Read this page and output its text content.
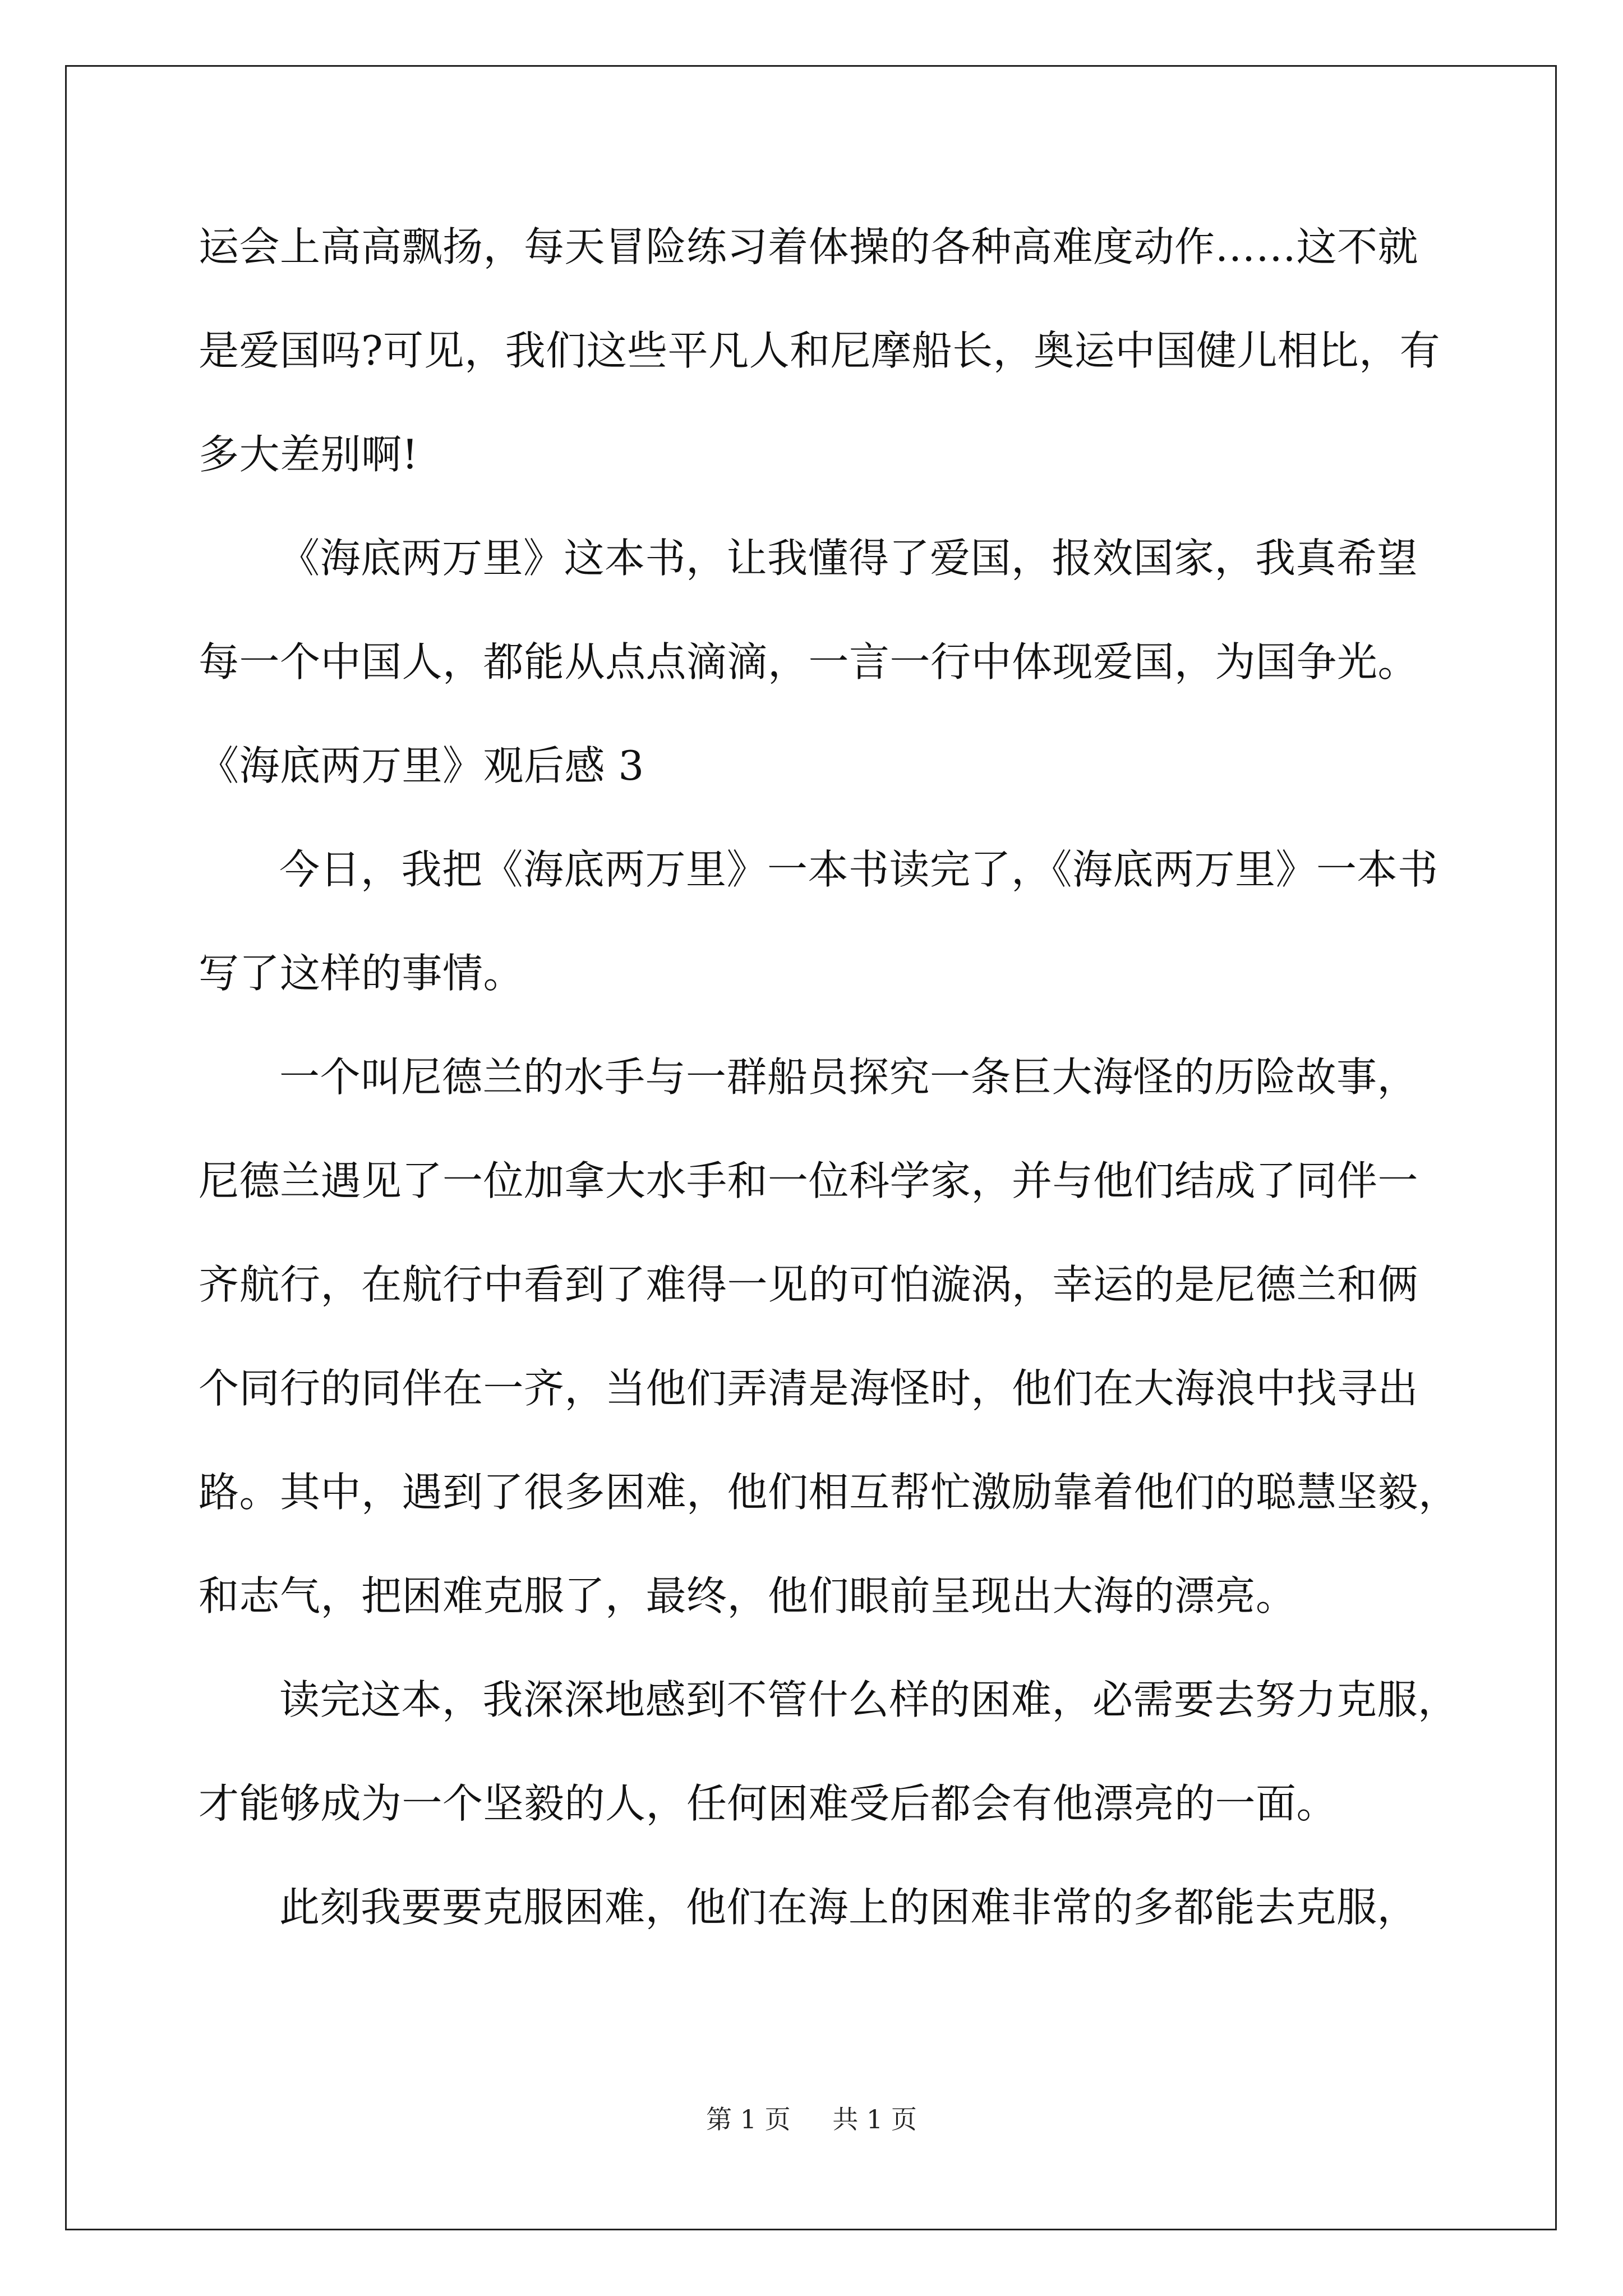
运会上高高飘扬，每天冒险练习着体操的各种高难度动作……这不就
是爱国吗?可见，我们这些平凡人和尼摩船长，奥运中国健儿相比，有
多大差别啊!
《海底两万里》这本书，让我懂得了爱国，报效国家，我真希望
每一个中国人，都能从点点滴滴，一言一行中体现爱国，为国争光。
《海底两万里》观后感 3
今日，我把《海底两万里》一本书读完了，《海底两万里》一本书
写了这样的事情。
一个叫尼德兰的水手与一群船员探究一条巨大海怪的历险故事，
尼德兰遇见了一位加拿大水手和一位科学家，并与他们结成了同伴一
齐航行，在航行中看到了难得一见的可怕漩涡，幸运的是尼德兰和俩
个同行的同伴在一齐，当他们弄清是海怪时，他们在大海浪中找寻出
路。其中，遇到了很多困难，他们相互帮忙激励靠着他们的聪慧坚毅，
和志气，把困难克服了，最终，他们眼前呈现出大海的漂亮。
读完这本，我深深地感到不管什么样的困难，必需要去努力克服，
才能够成为一个坚毅的人，任何困难受后都会有他漂亮的一面。
此刻我要要克服困难，他们在海上的困难非常的多都能去克服，
第 1 页 共 1 页
